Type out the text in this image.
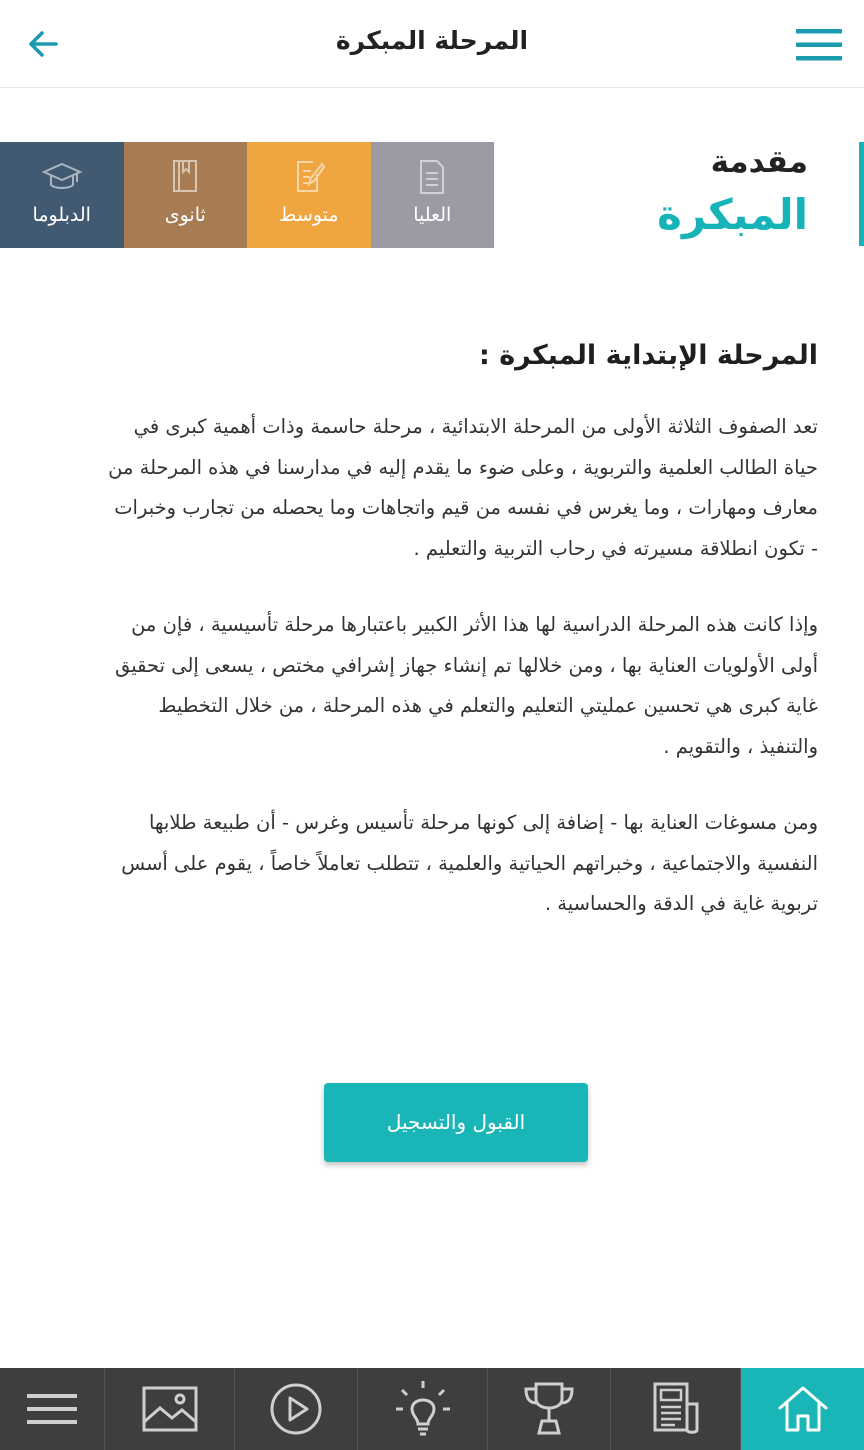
المرحلة المبكرة
الدبلوما	ثانوى	متوسط	العليا
مقدمة
المبكرة
المرحلة الإبتداية المبكرة :

تعد الصفوف الثلاثة الأولى من المرحلة الابتدائية ، مرحلة حاسمة وذات أهمية كبرى في حياة الطالب العلمية والتربوية ، وعلى ضوء ما يقدم إليه في مدارسنا في هذه المرحلة من معارف ومهارات ، وما يغرس في نفسه من قيم واتجاهات وما يحصله من تجارب وخبرات - تكون انطلاقة مسيرته في رحاب التربية والتعليم .

وإذا كانت هذه المرحلة الدراسية لها هذا الأثر الكبير باعتبارها مرحلة تأسيسية ، فإن من أولى الأولويات العناية بها ، ومن خلالها تم إنشاء جهاز إشرافي مختص ، يسعى إلى تحقيق غاية كبرى هي تحسين عمليتي التعليم والتعلم في هذه المرحلة ، من خلال التخطيط والتنفيذ ، والتقويم .

ومن مسوغات العناية بها - إضافة إلى كونها مرحلة تأسيس وغرس - أن طبيعة طلابها النفسية والاجتماعية ، وخبراتهم الحياتية والعلمية ، تتطلب تعاملاً خاصاً ، يقوم على أسس تربوية غاية في الدقة والحساسية .

القبول والتسجيل
